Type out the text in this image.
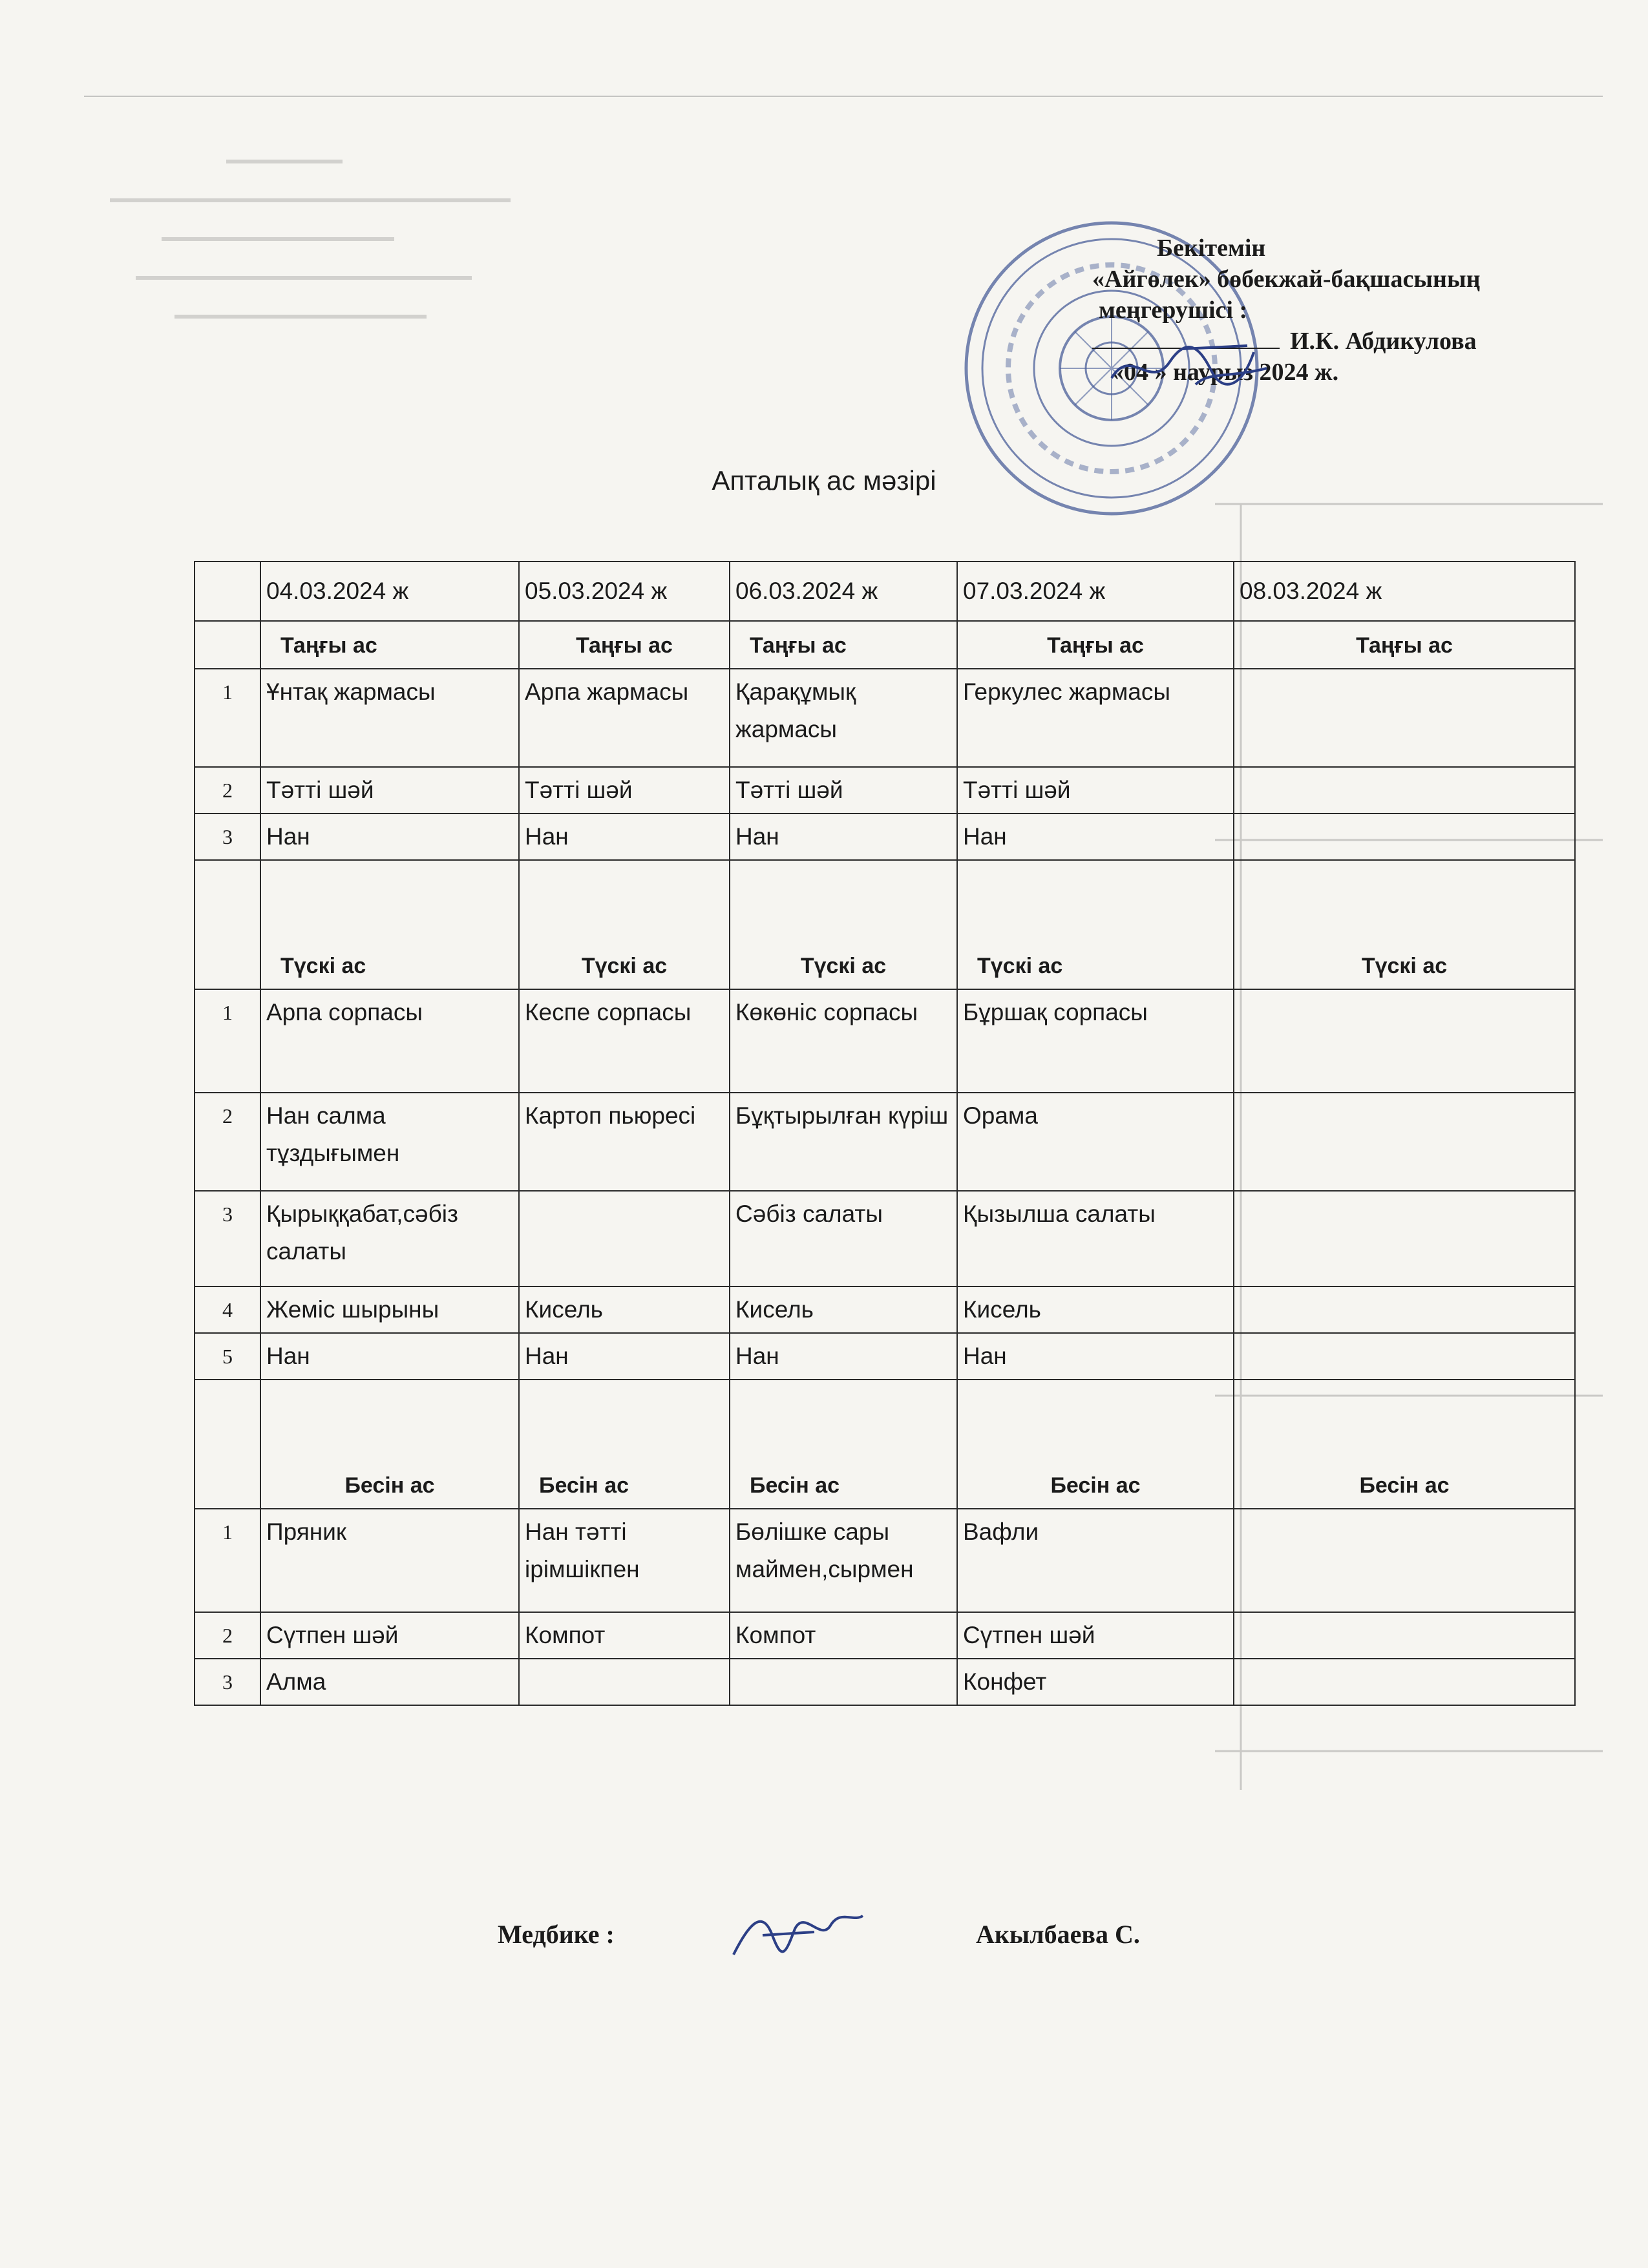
Бекітемін
«Айгөлек» бөбекжай-бақшасының
меңгерушісі :
И.К. Абдикулова
«04 » наурыз 2024 ж.
Апталық ас мәзірі
	04.03.2024 ж	05.03.2024 ж	06.03.2024 ж	07.03.2024 ж	08.03.2024 ж
	Таңғы ас	Таңғы ас	Таңғы ас	Таңғы ас	Таңғы ас
1	Ұнтақ жармасы	Арпа жармасы	Қарақұмық жармасы	Геркулес жармасы	
2	Тәтті шәй	Тәтті шәй	Тәтті шәй	Тәтті шәй	
3	Нан	Нан	Нан	Нан	
	Түскі ас	Түскі ас	Түскі ас	Түскі ас	Түскі ас
1	Арпа сорпасы	Кеспе сорпасы	Көкөніс сорпасы	Бұршақ сорпасы	
2	Нан салма тұздығымен	Картоп пьюресі	Бұқтырылған күріш	Орама	
3	Қырыққабат,сәбіз салаты		Сәбіз салаты	Қызылша салаты	
4	Жеміс шырыны	Кисель	Кисель	Кисель	
5	Нан	Нан	Нан	Нан	
	Бесін ас	Бесін ас	Бесін ас	Бесін ас	Бесін ас
1	Пряник	Нан тәтті ірімшікпен	Бөлішке сары маймен,сырмен	Вафли	
2	Сүтпен шәй	Компот	Компот	Сүтпен шәй	
3	Алма			Конфет	
Медбике :	Акылбаева С.
